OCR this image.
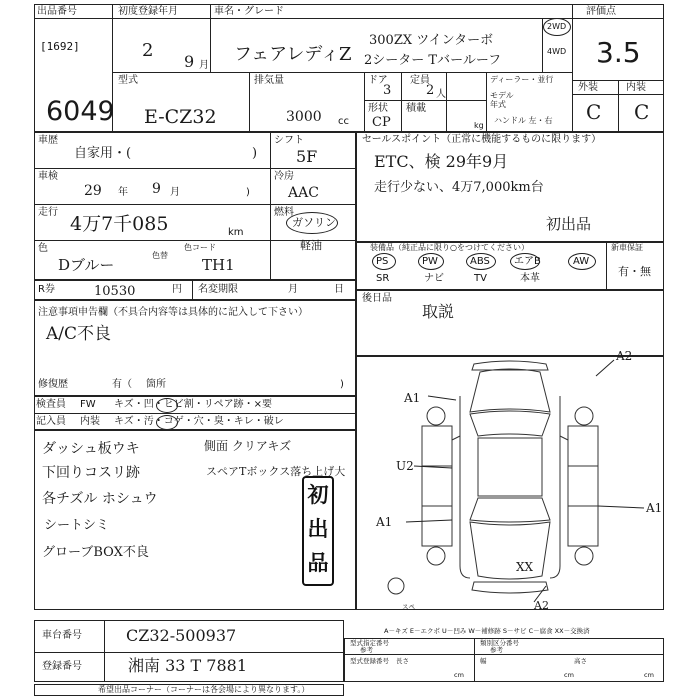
出品番号
[1692]
6049
初度登録年月
2
9 月
車名・グレード
フェアレディZ
300ZX ツインターボ
2シーター Tバールーフ
2WD
4WD
評価点
3.5
外装	内装
C C
型式
E-CZ32
排気量
3000 cc
ドア
3
定員
2 人
形状
CP
積載
kg
ディーラー・並行
モデル年式
ハンドル 左・右
車歴
自家用・(	)
シフト
5F
車検
29 年 9 月	)
冷房
AAC
走行
4万7千085	km
燃料
ガソリン
軽油
色
Dブルー
色替
色コード
TH1
R券	10530	円 名変期限	月	日
セールスポイント（正常に機能するものに限ります）
ETC、検 29年9月
走行少ない、4万7,000km台
初出品
装備品（純正品に限り○をつけてください）	新車保証
PS	PW	ABS エアB	AW
SR	ナビ	TV	本革
有・無
後日品
取説
注意事項申告欄（不具合内容等は具体的に記入して下さい）
A/C不良
修復歴	有（ 箇所	)
検査員 FW キズ・凹・ヒビ割・リペア跡・×要
記入員 内装 キズ・汚・コゲ・穴・臭・キレ・破レ
ダッシュ板ウキ
下回りコスリ跡
各チズル ホシュウ
シートシミ
グローブBOX不良
側面 クリアキズ
スペアTボックス落ち上げ大
初
出
品
A2
A1
U2
A1
A1
A2
XX
スペ
A－キズ E－エクボ U－凹み W－補修跡 S－サビ C－腐食 XX－交換済
車台番号	CZ32-500937
登録番号	湘南 33 T 7881
型式指定番号
参考
類別区分番号
参考
型式登録番号 長さ
cm
幅
cm
高さ
cm
希望出品コーナー（コーナーは各会場により異なります。）
